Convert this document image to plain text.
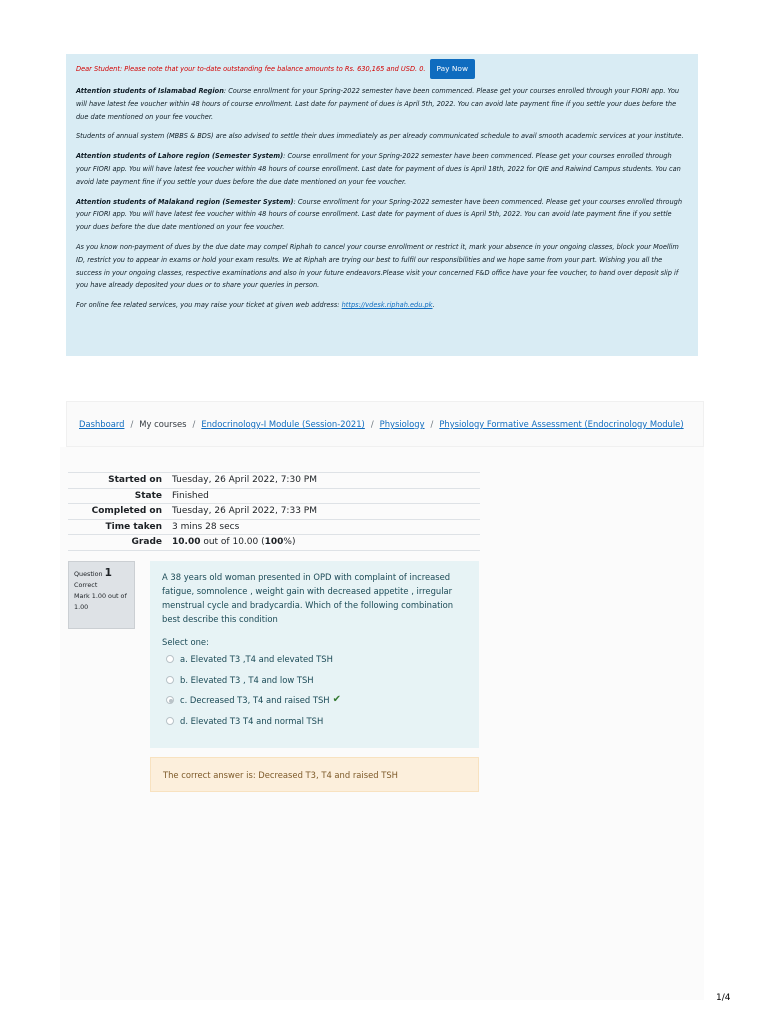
Dear Student: Please note that your to-date outstanding fee balance amounts to Rs. 630,165 and USD. 0.	Pay Now

Attention students of Islamabad Region: Course enrollment for your Spring-2022 semester have been commenced. Please get your courses enrolled through your FIORI app. You will have latest fee voucher within 48 hours of course enrollment. Last date for payment of dues is April 5th, 2022. You can avoid late payment fine if you settle your dues before the due date mentioned on your fee voucher.

Students of annual system (MBBS & BDS) are also advised to settle their dues immediately as per already communicated schedule to avail smooth academic services at your institute.

Attention students of Lahore region (Semester System): Course enrollment for your Spring-2022 semester have been commenced. Please get your courses enrolled through your FIORI app. You will have latest fee voucher within 48 hours of course enrollment. Last date for payment of dues is April 18th, 2022 for QIE and Raiwind Campus students. You can avoid late payment fine if you settle your dues before the due date mentioned on your fee voucher.

Attention students of Malakand region (Semester System): Course enrollment for your Spring-2022 semester have been commenced. Please get your courses enrolled through your FIORI app. You will have latest fee voucher within 48 hours of course enrollment. Last date for payment of dues is April 5th, 2022. You can avoid late payment fine if you settle your dues before the due date mentioned on your fee voucher.

As you know non-payment of dues by the due date may compel Riphah to cancel your course enrollment or restrict it, mark your absence in your ongoing classes, block your Moellim ID, restrict you to appear in exams or hold your exam results. We at Riphah are trying our best to fulfil our responsibilities and we hope same from your part. Wishing you all the success in your ongoing classes, respective examinations and also in your future endeavors.Please visit your concerned F&D office have your fee voucher, to hand over deposit slip if you have already deposited your dues or to share your queries in person.

For online fee related services, you may raise your ticket at given web address: https://vdesk.riphah.edu.pk.

Dashboard / My courses / Endocrinology-I Module (Session-2021) / Physiology / Physiology Formative Assessment (Endocrinology Module)
Started on	Tuesday, 26 April 2022, 7:30 PM
State	Finished
Completed on	Tuesday, 26 April 2022, 7:33 PM
Time taken	3 mins 28 secs
Grade	10.00 out of 10.00 (100%)
Question 1
Correct
Mark 1.00 out of 1.00

A 38 years old woman presented in OPD with complaint of increased fatigue, somnolence , weight gain with decreased appetite , irregular menstrual cycle and bradycardia. Which of the following combination best describe this condition

Select one:
a. Elevated T3 ,T4 and elevated TSH
b. Elevated T3 , T4 and low TSH
c. Decreased T3, T4 and raised TSH ✔
d. Elevated T3 T4 and normal TSH
The correct answer is: Decreased T3, T4 and raised TSH
1/4
